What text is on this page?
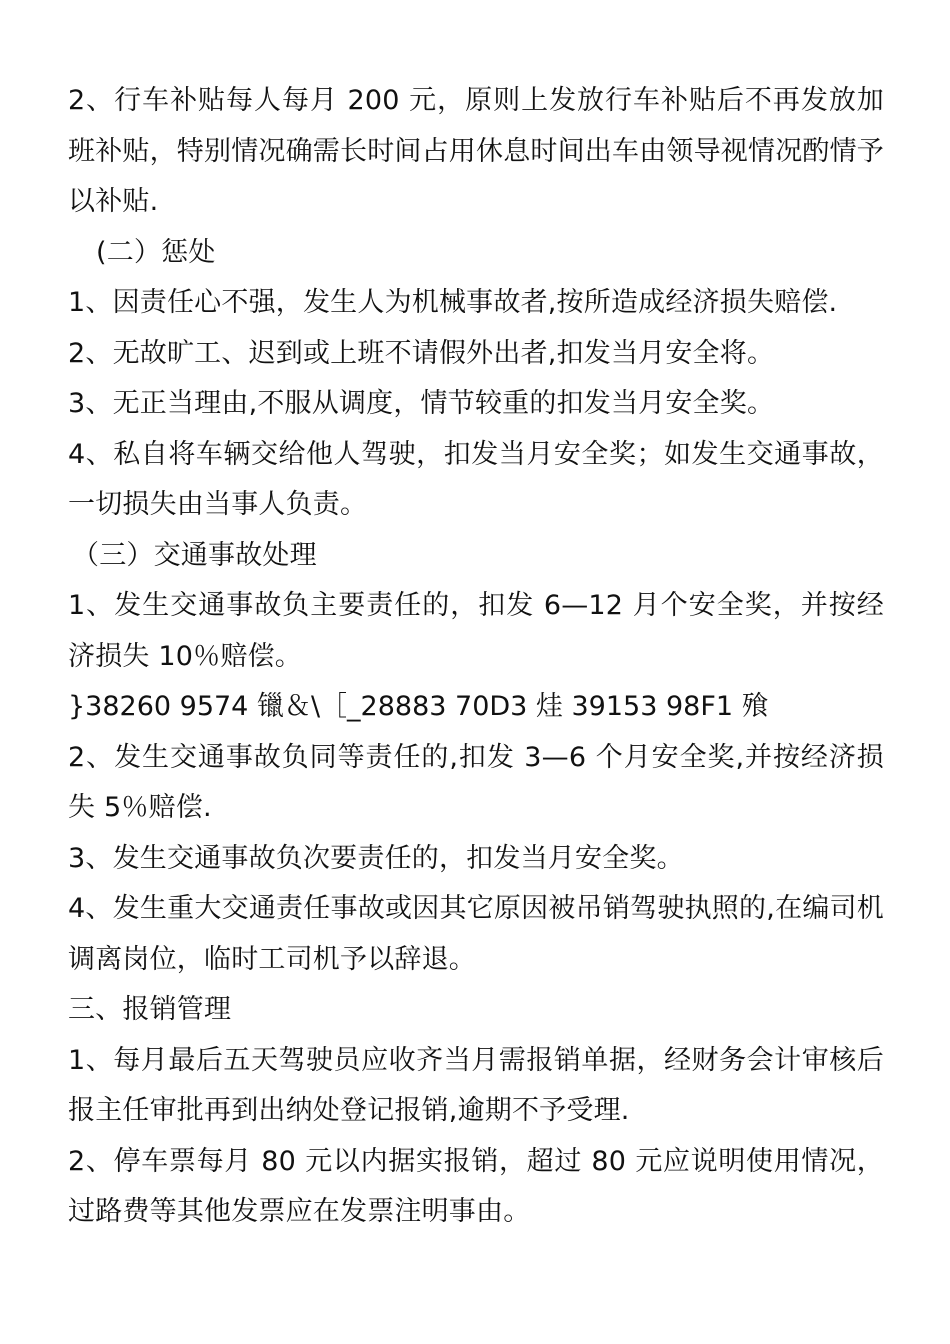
2、行车补贴每人每月 200 元，原则上发放行车补贴后不再发放加班补贴，特别情况确需长时间占用休息时间出车由领导视情况酌情予以补贴.

(二）惩处

1、因责任心不强，发生人为机械事故者,按所造成经济损失赔偿.

2、无故旷工、迟到或上班不请假外出者,扣发当月安全将。

3、无正当理由,不服从调度，情节较重的扣发当月安全奖。

4、私自将车辆交给他人驾驶，扣发当月安全奖；如发生交通事故，一切损失由当事人负责。

（三）交通事故处理

1、发生交通事故负主要责任的，扣发 6—12 月个安全奖，并按经济损失 10％赔偿。

}38260 9574 镴＆\［_28883 70D3 烓 39153 98F1 飱

2、发生交通事故负同等责任的,扣发 3—6 个月安全奖,并按经济损失 5％赔偿.

3、发生交通事故负次要责任的，扣发当月安全奖。

4、发生重大交通责任事故或因其它原因被吊销驾驶执照的,在编司机调离岗位，临时工司机予以辞退。

三、报销管理

1、每月最后五天驾驶员应收齐当月需报销单据，经财务会计审核后报主任审批再到出纳处登记报销,逾期不予受理.

2、停车票每月 80 元以内据实报销，超过 80 元应说明使用情况，过路费等其他发票应在发票注明事由。
